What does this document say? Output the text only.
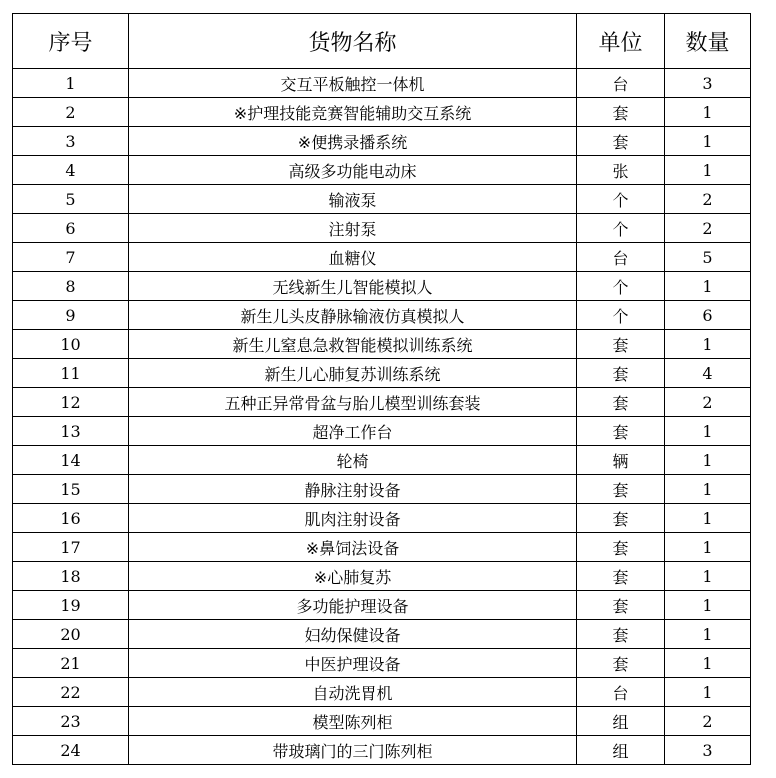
序号	货物名称	单位	数量
1	交互平板触控一体机	台	3
2	※护理技能竞赛智能辅助交互系统	套	1
3	※便携录播系统	套	1
4	高级多功能电动床	张	1
5	输液泵	个	2
6	注射泵	个	2
7	血糖仪	台	5
8	无线新生儿智能模拟人	个	1
9	新生儿头皮静脉输液仿真模拟人	个	6
10	新生儿窒息急救智能模拟训练系统	套	1
11	新生儿心肺复苏训练系统	套	4
12	五种正异常骨盆与胎儿模型训练套装	套	2
13	超净工作台	套	1
14	轮椅	辆	1
15	静脉注射设备	套	1
16	肌肉注射设备	套	1
17	※鼻饲法设备	套	1
18	※心肺复苏	套	1
19	多功能护理设备	套	1
20	妇幼保健设备	套	1
21	中医护理设备	套	1
22	自动洗胃机	台	1
23	模型陈列柜	组	2
24	带玻璃门的三门陈列柜	组	3
